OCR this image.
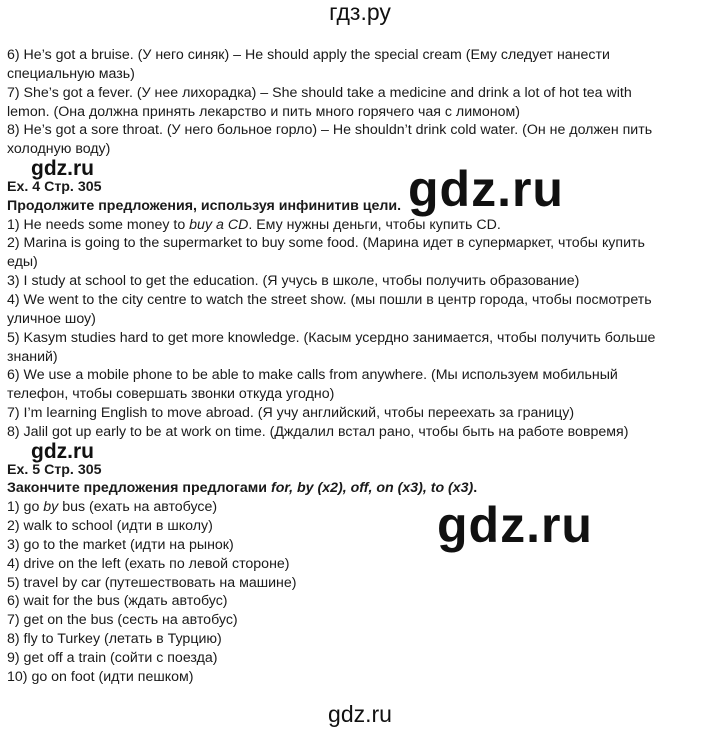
гдз.ру
6) He’s got a bruise. (У него синяк) – He should apply the special cream (Ему следует нанести
специальную мазь)
7) She’s got a fever. (У нее лихорадка) – She should take a medicine and drink a lot of hot tea with
lemon. (Она должна принять лекарство и пить много горячего чая с лимоном)
8) He’s got a sore throat. (У него больное горло) – He shouldn’t drink cold water. (Он не должен пить
холодную воду)
Ex. 4 Стр. 305
Продолжите предложения, используя инфинитив цели.
1) He needs some money to buy a CD. Ему нужны деньги, чтобы купить CD.
2) Marina is going to the supermarket to buy some food. (Марина идет в супермаркет, чтобы купить
еды)
3) I study at school to get the education. (Я учусь в школе, чтобы получить образование)
4) We went to the city centre to watch the street show. (мы пошли в центр города, чтобы посмотреть
уличное шоу)
5) Kasym studies hard to get more knowledge. (Касым усердно занимается, чтобы получить больше
знаний)
6) We use a mobile phone to be able to make calls from anywhere. (Мы используем мобильный
телефон, чтобы совершать звонки откуда угодно)
7) I’m learning English to move abroad. (Я учу английский, чтобы переехать за границу)
8) Jalil got up early to be at work on time. (Дждалил встал рано, чтобы быть на работе вовремя)
Ex. 5 Стр. 305
Закончите предложения предлогами for, by (x2), off, on (x3), to (x3).
1) go by bus (ехать на автобусе)
2) walk to school (идти в школу)
3) go to the market (идти на рынок)
4) drive on the left (ехать по левой стороне)
5) travel by car (путешествовать на машине)
6) wait for the bus (ждать автобус)
7) get on the bus (сесть на автобус)
8) fly to Turkey (летать в Турцию)
9) get off a train (сойти с поезда)
10) go on foot (идти пешком)
gdz.ru	gdz.ru
gdz.ru
gdz.ru
gdz.ru
